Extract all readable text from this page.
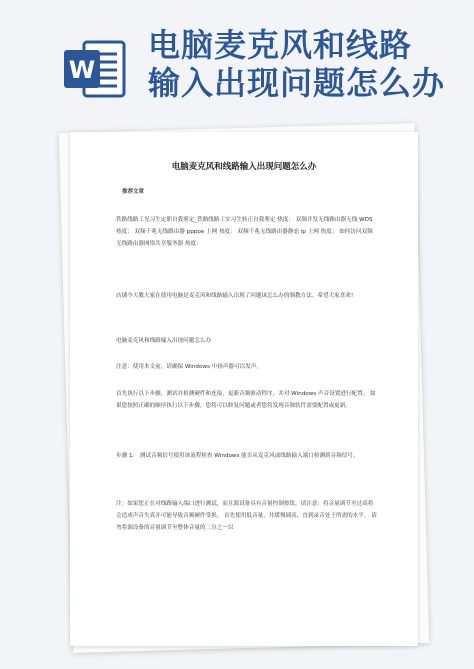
W
电脑麦克风和线路
输入出现问题怎么办
电脑麦克风和线路输入出现问题怎么办
推荐文章
铁路线路工见习生定职自我鉴定_铁路线路工实习生转正自我鉴定 热度： 双频并发无线路由器无线 WDS 热度： 双频千兆无线路由器 pppoe 上网 热度： 双频千兆无线路由器静态 ip 上网 热度： 如何访问双频无线路由器网络共享服务器 热度：
店铺今天教大家在使用电脑是麦克风和线路输入出现了问题该怎么办的制教方法。希望大家喜欢!
电脑麦克风和线路输入出现问题怎么办
注意：使用本文前，请确保 Windows 中扬声器可以发声。
首先执行以下步骤，测试并检测硬件和连接，更新音频驱动程序，并对 Windows 声音设置进行配置。 如果您按照正确的顺序执行以下步骤，您将可以修复问题或者您将发现音频软件需要配置或更新。
步骤 1： 测试音频信号使用该流程检查 Windows 能否从麦克风或线路输入端口检测到音频信号。
注：如果您正在对线路输入端口进行测试，而且源设备具有音量控制按钮，请注意：将音量调节至过高将会造成声音失真并可能导致音频硬件受损。 首先使用低音量，并缓慢调高，直到录音处于所需的水平。 请勿将源设备的音量调节至整体音量的二分之一以
